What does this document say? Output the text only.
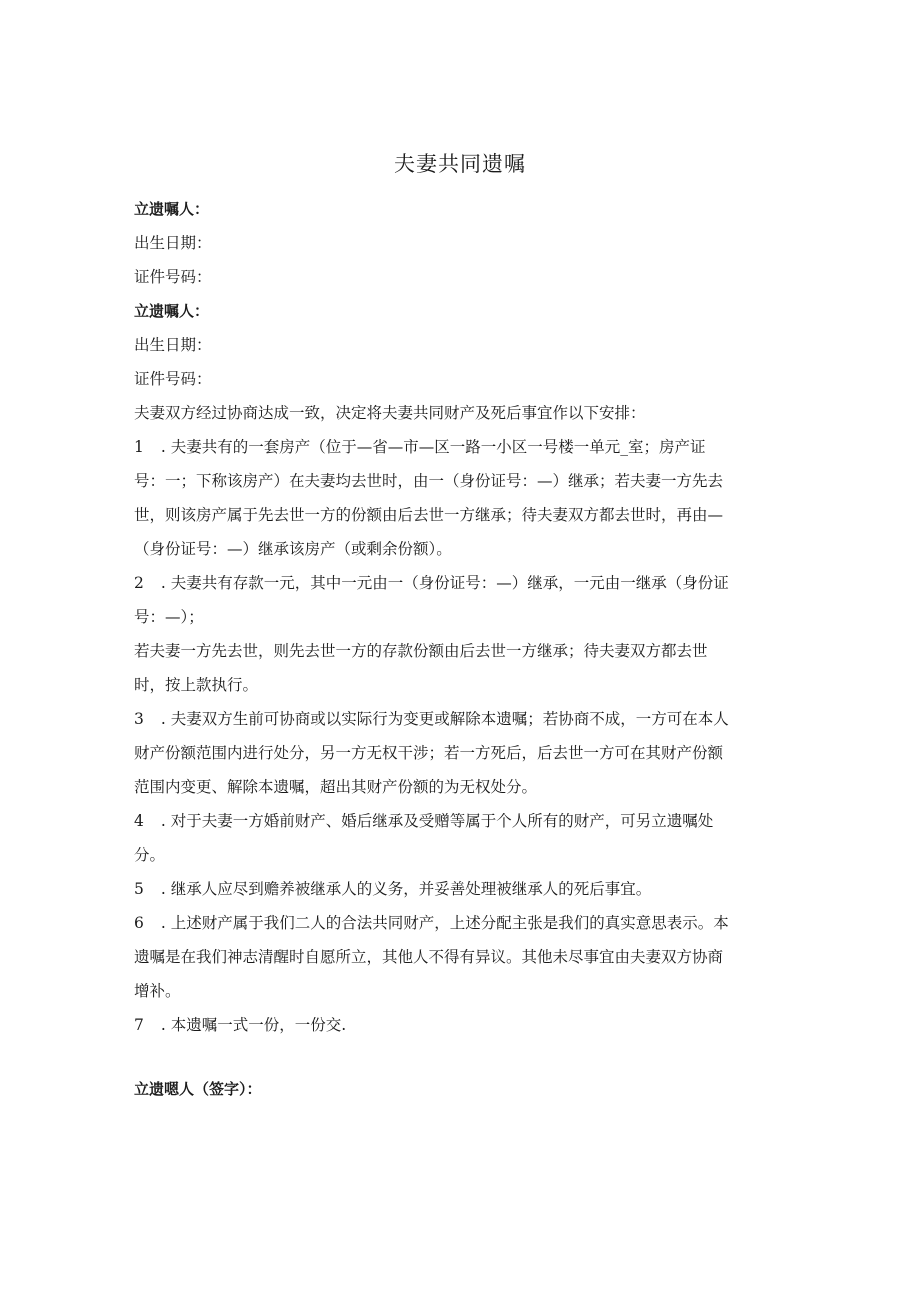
夫妻共同遗嘱
立遗嘱人：
出生日期：
证件号码：
立遗嘱人：
出生日期：
证件号码：
夫妻双方经过协商达成一致，决定将夫妻共同财产及死后事宜作以下安排：
1 . 夫妻共有的一套房产（位于—省—市—区一路一小区一号楼一单元_室；房产证
号：一；下称该房产）在夫妻均去世时，由一（身份证号：—）继承；若夫妻一方先去
世，则该房产属于先去世一方的份额由后去世一方继承；待夫妻双方都去世时，再由—
（身份证号：—）继承该房产（或剩余份额）。
2 . 夫妻共有存款一元，其中一元由一（身份证号：—）继承，一元由一继承（身份证
号：—）；
若夫妻一方先去世，则先去世一方的存款份额由后去世一方继承；待夫妻双方都去世
时，按上款执行。
3 . 夫妻双方生前可协商或以实际行为变更或解除本遗嘱；若协商不成，一方可在本人
财产份额范围内进行处分，另一方无权干涉；若一方死后，后去世一方可在其财产份额
范围内变更、解除本遗嘱，超出其财产份额的为无权处分。
4 . 对于夫妻一方婚前财产、婚后继承及受赠等属于个人所有的财产，可另立遗嘱处
分。
5 . 继承人应尽到赡养被继承人的义务，并妥善处理被继承人的死后事宜。
6 . 上述财产属于我们二人的合法共同财产，上述分配主张是我们的真实意思表示。本
遗嘱是在我们神志清醒时自愿所立，其他人不得有异议。其他未尽事宜由夫妻双方协商
增补。
7 . 本遗嘱一式一份，一份交.
立遗嗯人（签字）：
